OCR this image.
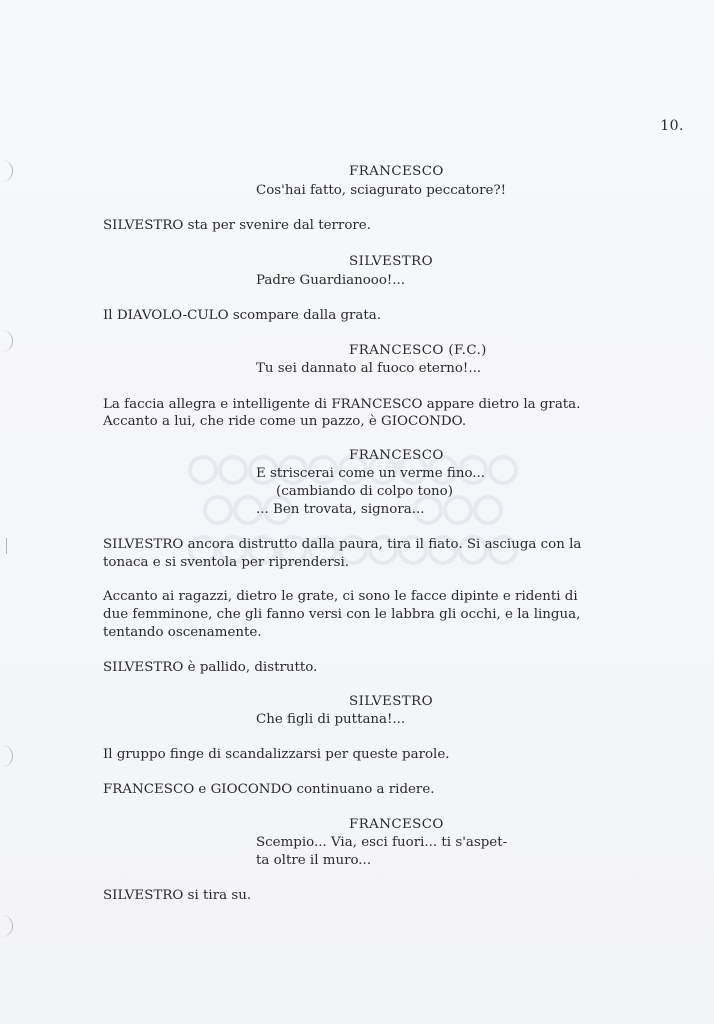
10.
FRANCESCO
Cos'hai fatto, sciagurato peccatore?!
SILVESTRO sta per svenire dal terrore.
SILVESTRO
Padre Guardianooo!...
Il DIAVOLO-CULO scompare dalla grata.
FRANCESCO (F.C.)
Tu sei dannato al fuoco eterno!...
La faccia allegra e intelligente di FRANCESCO appare dietro la grata.
Accanto a lui, che ride come un pazzo, è GIOCONDO.
FRANCESCO
E striscerai come un verme fino...
(cambiando di colpo tono)
... Ben trovata, signora...
SILVESTRO ancora distrutto dalla paura, tira il fiato. Si asciuga con la
tonaca e si sventola per riprendersi.
Accanto ai ragazzi, dietro le grate, ci sono le facce dipinte e ridenti di
due femminone, che gli fanno versi con le labbra gli occhi, e la lingua,
tentando oscenamente.
SILVESTRO è pallido, distrutto.
SILVESTRO
Che figli di puttana!...
Il gruppo finge di scandalizzarsi per queste parole.
FRANCESCO e GIOCONDO continuano a ridere.
FRANCESCO
Scempio... Via, esci fuori... ti s'aspet-
ta oltre il muro...
SILVESTRO si tira su.
